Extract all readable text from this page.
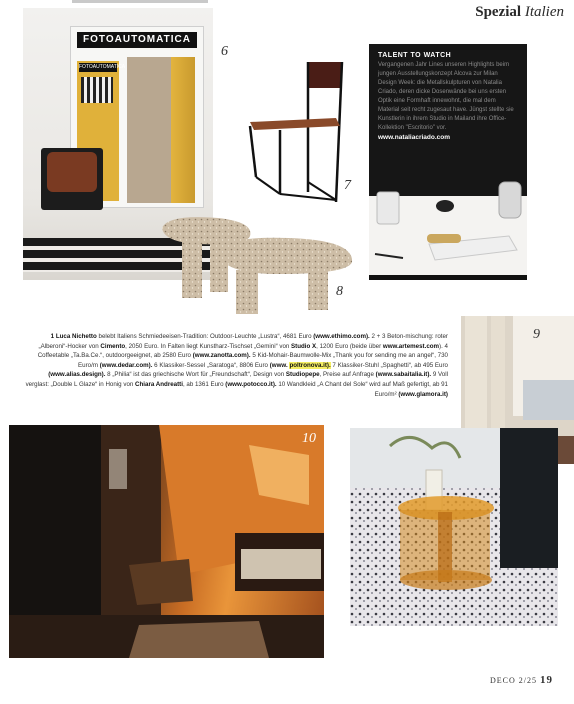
Spezial Italien
FOTOAUTOMATICA
FOTOAUTOMATICA
6
7
8
TALENT TO WATCH
Vergangenen Jahr Lines unseren Highlights beim jungen Ausstellungskonzept Alcova zur Milan Design Week: die Metallskulpturen von Natalia Criado, deren dicke Dosenwände bei uns ersten Optik eine Formhaft innewohnt, die mal dem Material seit recht zugesaut have. Jüngst stellte sie Kunstlerin in ihrem Studio in Mailand ihre Office-Kollektion "Escritorio" vor.
www.nataliacriado.com
9
1 Luca Nichetto belebt Italiens Schmiedeeisen-Tradition: Outdoor-Leuchte „Lustra“, 4681 Euro (www.ethimo.com). 2 + 3 Beton-mischung: roter „Alberoni“-Hocker von Cimento, 2050 Euro. In Falten liegt Kunstharz-Tischset „Gemini“ von Studio X, 1200 Euro (beide über www.artemest.com). 4 Coffeetable „Ta.Ba.Ce.“, outdoorgeeignet, ab 2580 Euro (www.zanotta.com). 5 Kid-Mohair-Baumwolle-Mix „Thank you for sending me an angel“, 730 Euro/m (www.dedar.com). 6 Klassiker-Sessel „Saratoga“, 8806 Euro (www. poltronova.it). 7 Klassiker-Stuhl „Spaghetti“, ab 495 Euro (www.alias.design). 8 „Philia“ ist das griechische Wort für „Freundschaft“, Design von Studiopepe, Preise auf Anfrage (www.sabaitalia.it). 9 Voll verglast: „Double L Glaze“ in Honig von Chiara Andreatti, ab 1361 Euro (www.potocco.it). 10 Wandkleid „A Chant del Sole“ wird auf Maß gefertigt, ab 91 Euro/m² (www.glamora.it)
10
DECO 2/25 19
